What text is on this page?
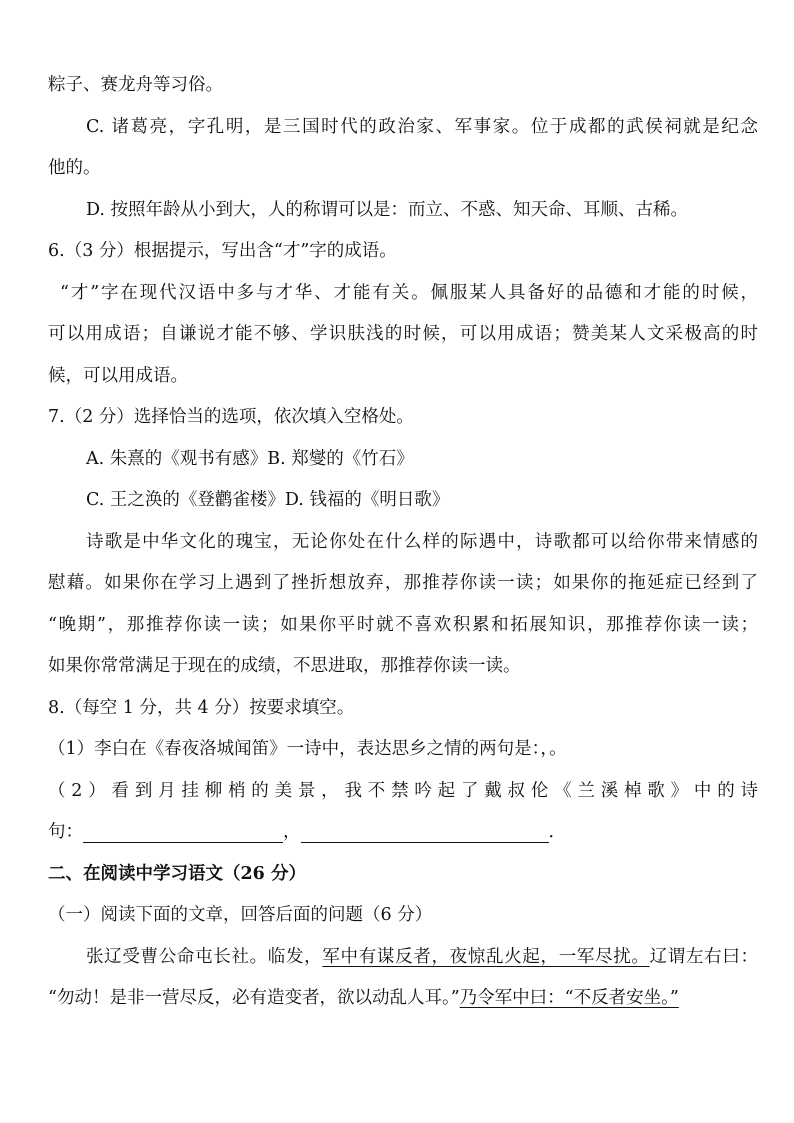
粽子、赛龙舟等习俗。
C. 诸葛亮，字孔明，是三国时代的政治家、军事家。位于成都的武侯祠就是纪念
他的。
D. 按照年龄从小到大，人的称谓可以是：而立、不惑、知天命、耳顺、古稀。
6.（3 分）根据提示，写出含“才”字的成语。
“才”字在现代汉语中多与才华、才能有关。佩服某人具备好的品德和才能的时候，
可以用成语；自谦说才能不够、学识肤浅的时候，可以用成语；赞美某人文采极高的时
候，可以用成语。
7.（2 分）选择恰当的选项，依次填入空格处。
A. 朱熹的《观书有感》B. 郑燮的《竹石》
C. 王之涣的《登鹳雀楼》D. 钱福的《明日歌》
诗歌是中华文化的瑰宝，无论你处在什么样的际遇中，诗歌都可以给你带来情感的
慰藉。如果你在学习上遇到了挫折想放弃，那推荐你读一读；如果你的拖延症已经到了
“晚期”，那推荐你读一读；如果你平时就不喜欢积累和拓展知识，那推荐你读一读；
如果你常常满足于现在的成绩，不思进取，那推荐你读一读。
8.（每空 1 分，共 4 分）按要求填空。
（1）李白在《春夜洛城闻笛》一诗中，表达思乡之情的两句是：，。
（2）看到月挂柳梢的美景，我不禁吟起了戴叔伦《兰溪棹歌》中的诗
句：	，	．
二、在阅读中学习语文（26 分）
（一）阅读下面的文章，回答后面的问题（6 分）
张辽受曹公命屯长社。临发，军中有谋反者，夜惊乱火起，一军尽扰。辽谓左右曰：
“勿动！是非一营尽反，必有造变者，欲以动乱人耳。”乃令军中曰：“不反者安坐。”
